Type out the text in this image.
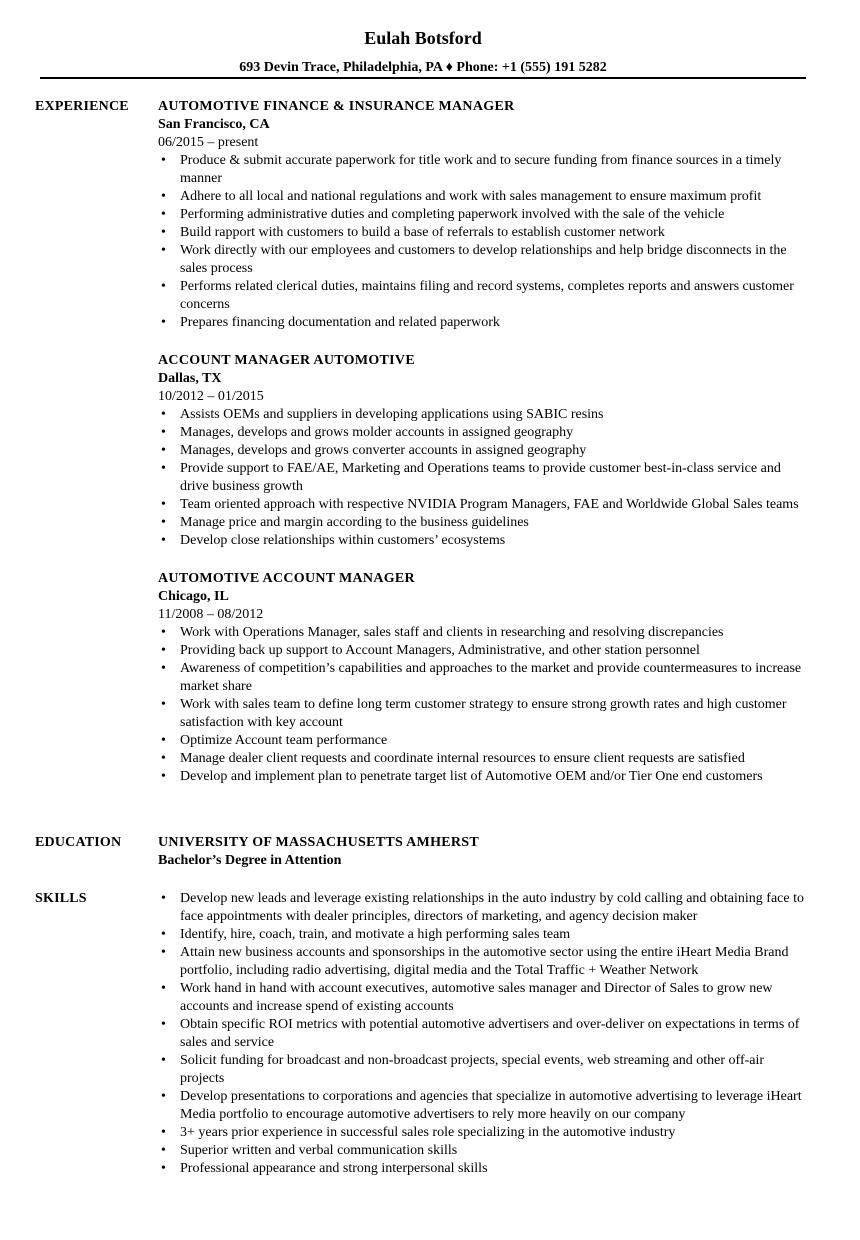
Eulah Botsford
693 Devin Trace, Philadelphia, PA ♦ Phone: +1 (555) 191 5282
EXPERIENCE AUTOMOTIVE FINANCE & INSURANCE MANAGER
San Francisco, CA
06/2015 – present
• Produce & submit accurate paperwork for title work and to secure funding from finance sources in a timely manner
• Adhere to all local and national regulations and work with sales management to ensure maximum profit
• Performing administrative duties and completing paperwork involved with the sale of the vehicle
• Build rapport with customers to build a base of referrals to establish customer network
• Work directly with our employees and customers to develop relationships and help bridge disconnects in the sales process
• Performs related clerical duties, maintains filing and record systems, completes reports and answers customer concerns
• Prepares financing documentation and related paperwork
ACCOUNT MANAGER AUTOMOTIVE
Dallas, TX
10/2012 – 01/2015
• Assists OEMs and suppliers in developing applications using SABIC resins
• Manages, develops and grows molder accounts in assigned geography
• Manages, develops and grows converter accounts in assigned geography
• Provide support to FAE/AE, Marketing and Operations teams to provide customer best-in-class service and drive business growth
• Team oriented approach with respective NVIDIA Program Managers, FAE and Worldwide Global Sales teams
• Manage price and margin according to the business guidelines
• Develop close relationships within customers’ ecosystems
AUTOMOTIVE ACCOUNT MANAGER
Chicago, IL
11/2008 – 08/2012
• Work with Operations Manager, sales staff and clients in researching and resolving discrepancies
• Providing back up support to Account Managers, Administrative, and other station personnel
• Awareness of competition’s capabilities and approaches to the market and provide countermeasures to increase market share
• Work with sales team to define long term customer strategy to ensure strong growth rates and high customer satisfaction with key account
• Optimize Account team performance
• Manage dealer client requests and coordinate internal resources to ensure client requests are satisfied
• Develop and implement plan to penetrate target list of Automotive OEM and/or Tier One end customers
EDUCATION	UNIVERSITY OF MASSACHUSETTS AMHERST
Bachelor’s Degree in Attention
SKILLS	• Develop new leads and leverage existing relationships in the auto industry by cold calling and obtaining face to face appointments with dealer principles, directors of marketing, and agency decision maker
• Identify, hire, coach, train, and motivate a high performing sales team
• Attain new business accounts and sponsorships in the automotive sector using the entire iHeart Media Brand portfolio, including radio advertising, digital media and the Total Traffic + Weather Network
• Work hand in hand with account executives, automotive sales manager and Director of Sales to grow new accounts and increase spend of existing accounts
• Obtain specific ROI metrics with potential automotive advertisers and over-deliver on expectations in terms of sales and service
• Solicit funding for broadcast and non-broadcast projects, special events, web streaming and other off-air projects
• Develop presentations to corporations and agencies that specialize in automotive advertising to leverage iHeart Media portfolio to encourage automotive advertisers to rely more heavily on our company
• 3+ years prior experience in successful sales role specializing in the automotive industry
• Superior written and verbal communication skills
• Professional appearance and strong interpersonal skills
